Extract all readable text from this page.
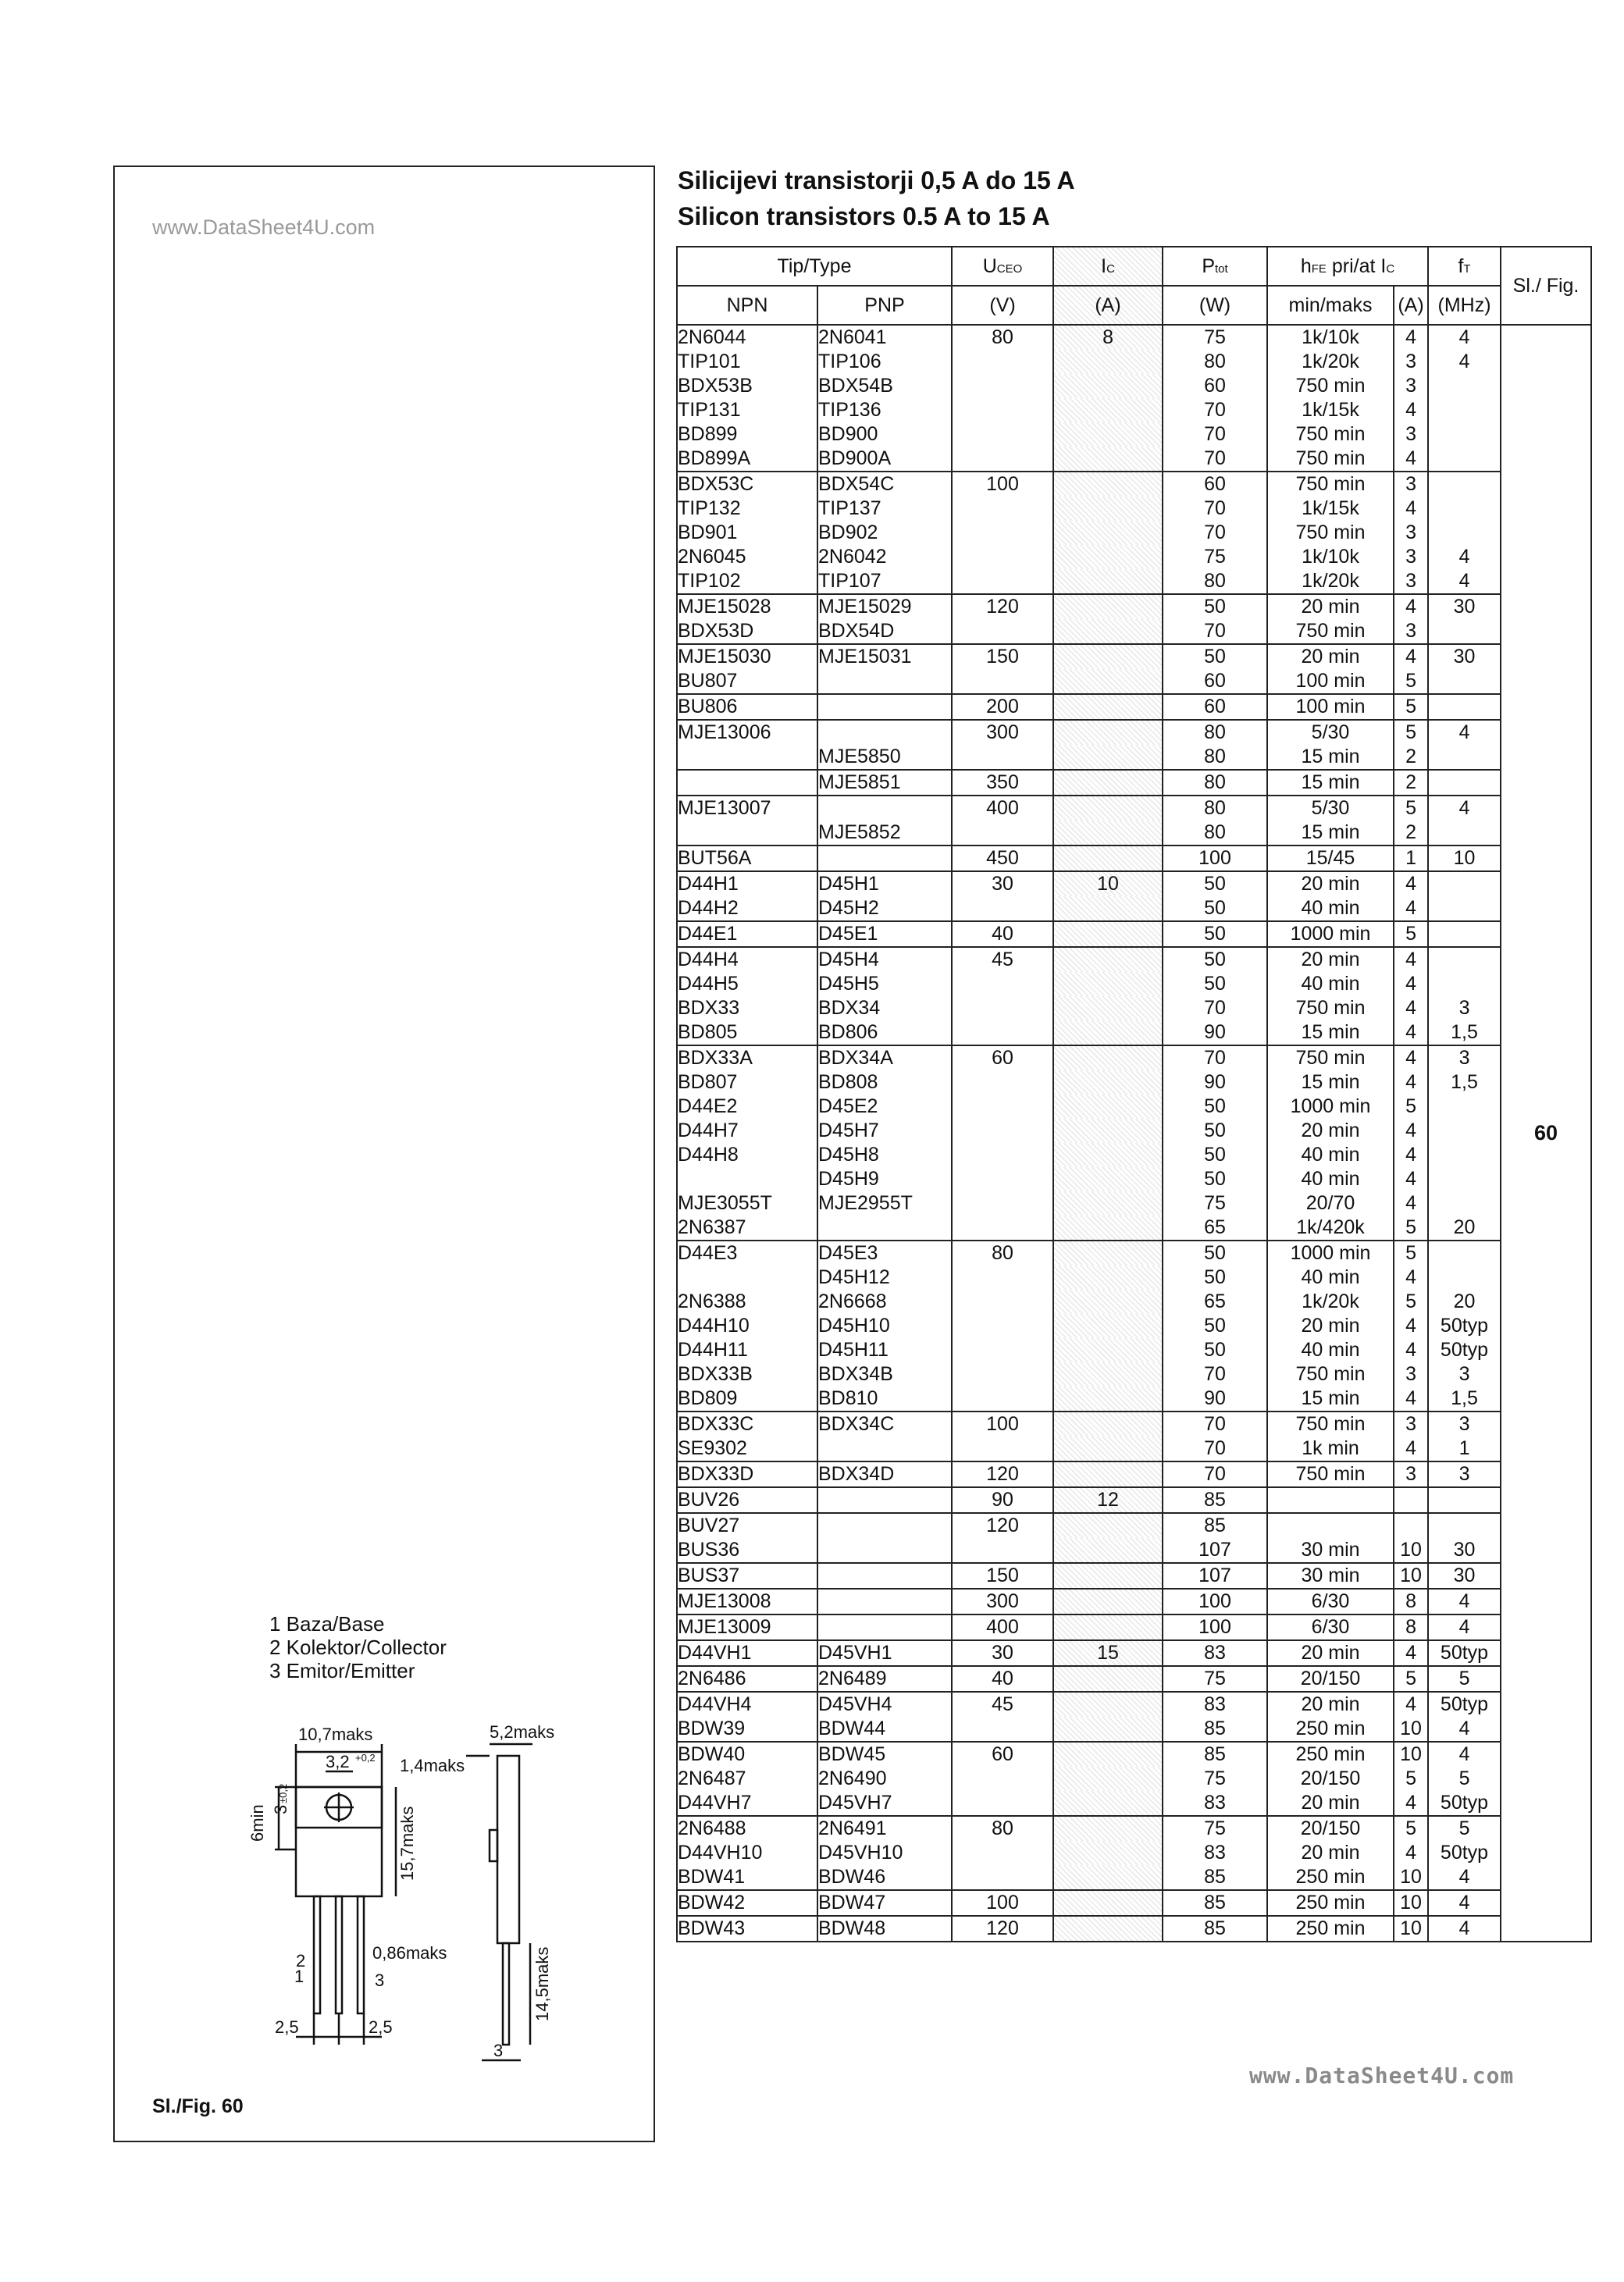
www.DataSheet4U.com
10,7maks
3,2 +0,2 1,4maks
5,2maks
6min 3
±0,2
15,7maks
0,86maks	14,5maks
2,5	2,5
3
2
1	3
Sl./Fig. 60
1 Baza/Base
2 Kolektor/Collector
3 Emitor/Emitter
Silicijevi transistorji 0,5 A do 15 A
Silicon transistors 0.5 A to 15 A
Tip/Type		UCEO	IC	Ptot	hFE pri/at IC		fT	Sl./ Fig.
NPN	PNP	(V)	(A)	(W)	min/maks	(A)	(MHz)	
2N6044	2N6041	80	8	75	1k/10k	4	4	60
TIP101	TIP106			80	1k/20k	3	4	
BDX53B	BDX54B			60	750 min	3		
TIP131	TIP136			70	1k/15k	4		
BD899	BD900			70	750 min	3		
BD899A	BD900A			70	750 min	4		
BDX53C	BDX54C	100		60	750 min	3		
TIP132	TIP137			70	1k/15k	4		
BD901	BD902			70	750 min	3		
2N6045	2N6042			75	1k/10k	3	4	
TIP102	TIP107			80	1k/20k	3	4	
MJE15028	MJE15029	120		50	20 min	4	30	
BDX53D	BDX54D			70	750 min	3		
MJE15030	MJE15031	150		50	20 min	4	30	
BU807				60	100 min	5		
BU806		200		60	100 min	5		
MJE13006		300		80	5/30	5	4	
	MJE5850			80	15 min	2		
	MJE5851	350		80	15 min	2		
MJE13007		400		80	5/30	5	4	
	MJE5852			80	15 min	2		
BUT56A		450		100	15/45	1	10	
D44H1	D45H1	30	10	50	20 min	4		
D44H2	D45H2			50	40 min	4		
D44E1	D45E1	40		50	1000 min	5		
D44H4	D45H4	45		50	20 min	4		
D44H5	D45H5			50	40 min	4		
BDX33	BDX34			70	750 min	4	3	
BD805	BD806			90	15 min	4	1,5	
BDX33A	BDX34A	60		70	750 min	4	3	
BD807	BD808			90	15 min	4	1,5	
D44E2	D45E2			50	1000 min	5		
D44H7	D45H7			50	20 min	4		
D44H8	D45H8			50	40 min	4		
	D45H9			50	40 min	4		
MJE3055T	MJE2955T			75	20/70	4		
2N6387				65	1k/420k	5	20	
D44E3	D45E3	80		50	1000 min	5		
	D45H12			50	40 min	4		
2N6388	2N6668			65	1k/20k	5	20	
D44H10	D45H10			50	20 min	4	50typ	
D44H11	D45H11			50	40 min	4	50typ	
BDX33B	BDX34B			70	750 min	3	3	
BD809	BD810			90	15 min	4	1,5	
BDX33C	BDX34C	100		70	750 min	3	3	
SE9302				70	1k min	4	1	
BDX33D	BDX34D	120		70	750 min	3	3	
BUV26		90	12	85				
BUV27		120		85				
BUS36				107	30 min	10	30	
BUS37		150		107	30 min	10	30	
MJE13008		300		100	6/30	8	4	
MJE13009		400		100	6/30	8	4	
D44VH1	D45VH1	30	15	83	20 min	4	50typ	
2N6486	2N6489	40		75	20/150	5	5	
D44VH4	D45VH4	45		83	20 min	4	50typ	
BDW39	BDW44			85	250 min	10	4	
BDW40	BDW45	60		85	250 min	10	4	
2N6487	2N6490			75	20/150	5	5	
D44VH7	D45VH7			83	20 min	4	50typ	
2N6488	2N6491	80		75	20/150	5	5	
D44VH10	D45VH10			83	20 min	4	50typ	
BDW41	BDW46			85	250 min	10	4	
BDW42	BDW47	100		85	250 min	10	4	
BDW43	BDW48	120		85	250 min	10	4	
www.DataSheet4U.com
